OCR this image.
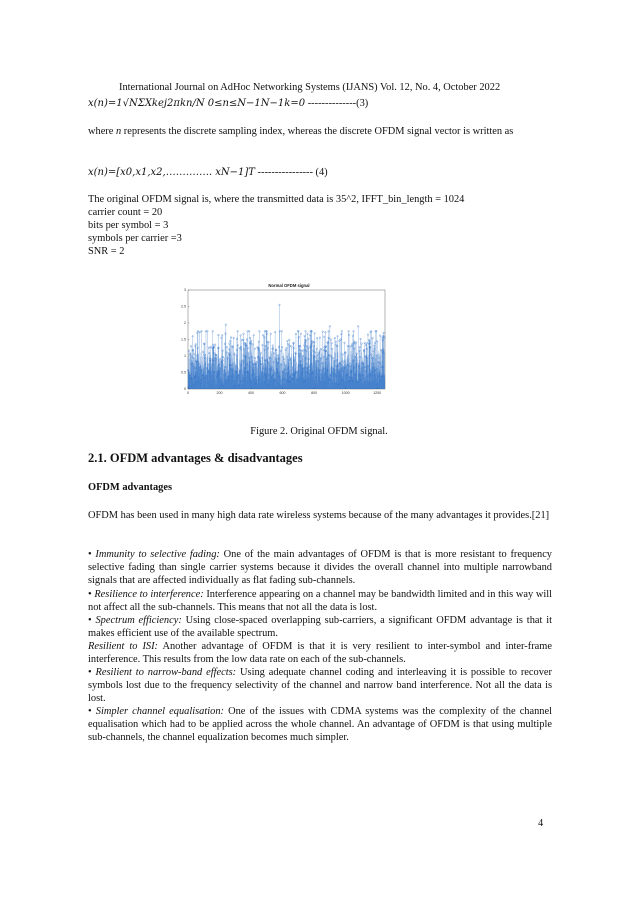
International Journal on AdHoc Networking Systems (IJANS) Vol. 12, No. 4, October 2022
𝑥(𝑛)=1√𝑁Σ𝑋𝑘𝑒𝑗2𝜋𝑘𝑛/𝑁 0≤𝑛≤𝑁−1𝑁−1𝑘=0 --------------(3)
where n represents the discrete sampling index, whereas the discrete OFDM signal vector is written as
𝑥(𝑛)=[𝑥0,𝑥1,𝑥2,………….. 𝑥𝑁−1]𝑇 ---------------- (4)
The original OFDM signal is, where the transmitted data is 35^2, IFFT_bin_length = 1024
carrier count = 20
bits per symbol = 3
symbols per carrier =3
SNR = 2
Normal OFDM signal
0	200	400	600	800	1000	1200
0
0.5
1
1.5
2
2.5
3
Figure 2. Original OFDM signal.
2.1. OFDM advantages & disadvantages
OFDM advantages
OFDM has been used in many high data rate wireless systems because of the many advantages it provides.[21]
• Immunity to selective fading: One of the main advantages of OFDM is that is more resistant to frequency selective fading than single carrier systems because it divides the overall channel into multiple narrowband signals that are affected individually as flat fading sub-channels.
• Resilience to interference: Interference appearing on a channel may be bandwidth limited and in this way will not affect all the sub-channels. This means that not all the data is lost.
• Spectrum efficiency: Using close-spaced overlapping sub-carriers, a significant OFDM advantage is that it makes efficient use of the available spectrum.
Resilient to ISI: Another advantage of OFDM is that it is very resilient to inter-symbol and inter-frame interference. This results from the low data rate on each of the sub-channels.
• Resilient to narrow-band effects: Using adequate channel coding and interleaving it is possible to recover symbols lost due to the frequency selectivity of the channel and narrow band interference. Not all the data is lost.
• Simpler channel equalisation: One of the issues with CDMA systems was the complexity of the channel equalisation which had to be applied across the whole channel. An advantage of OFDM is that using multiple sub-channels, the channel equalization becomes much simpler.
4
